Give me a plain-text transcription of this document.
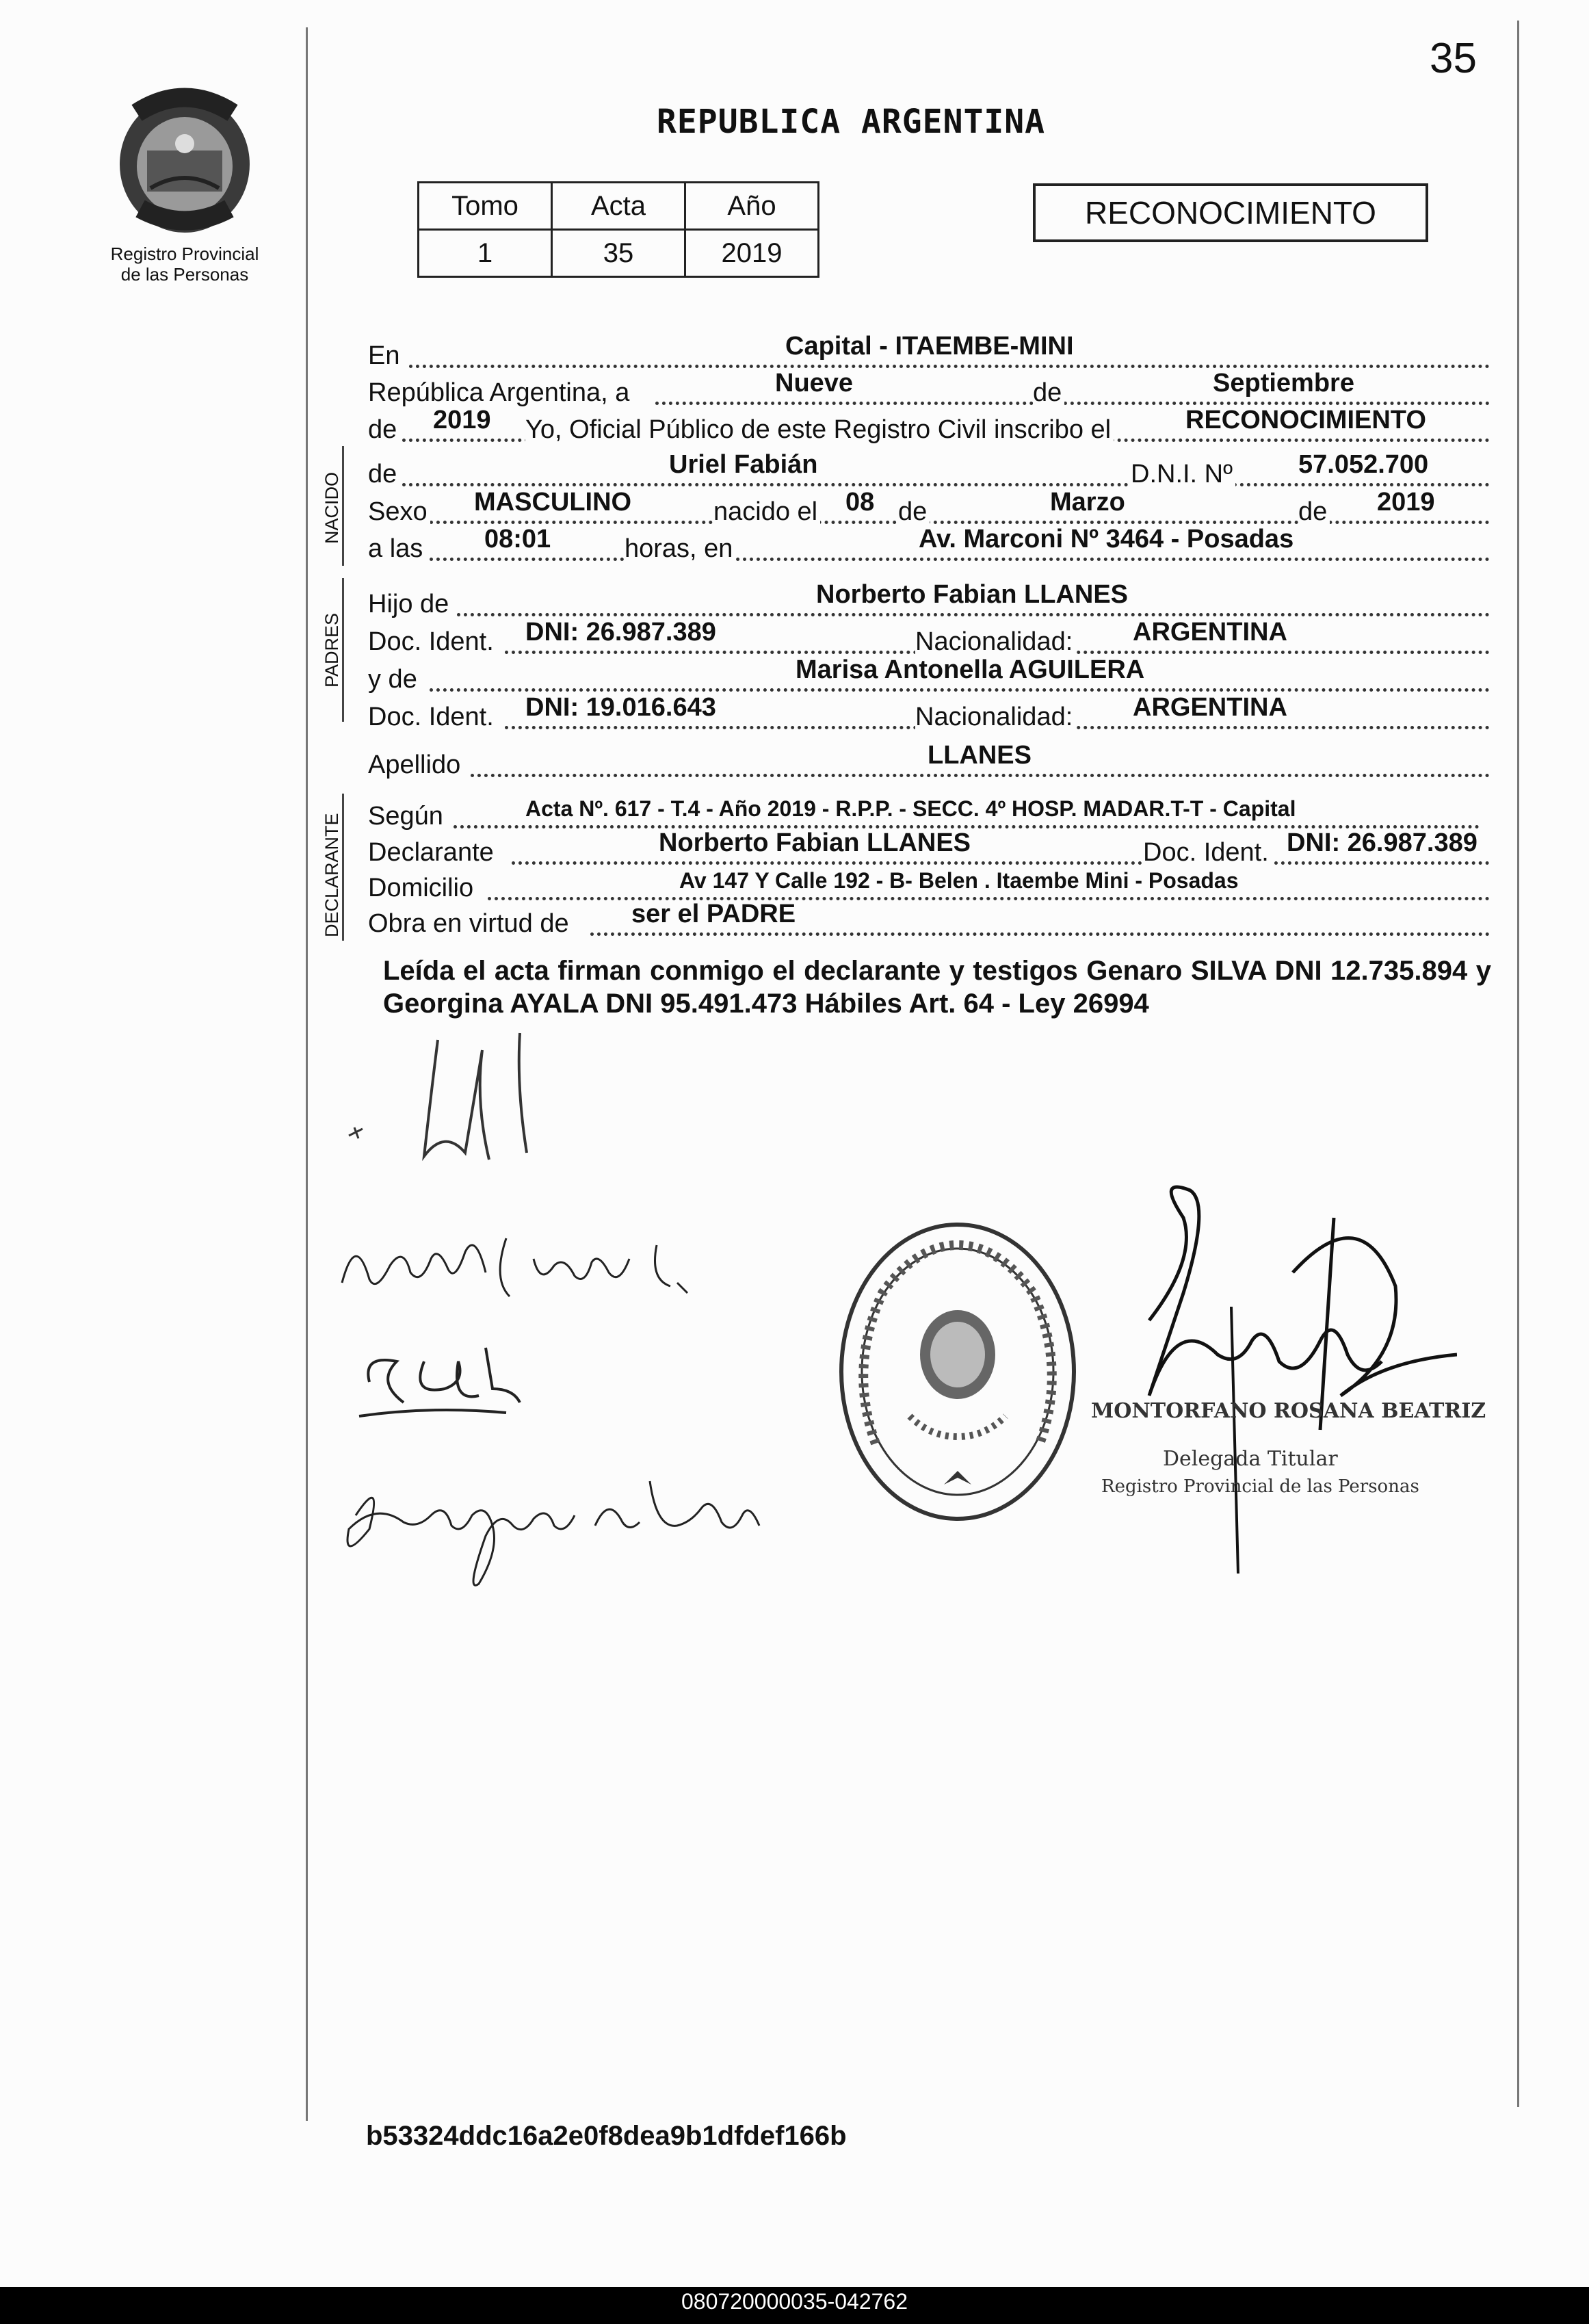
35
Registro Provincial
de las Personas
REPUBLICA ARGENTINA
Tomo	Acta	Año
1	35	2019
RECONOCIMIENTO
En	Capital - ITAEMBE-MINI
República Argentina, a	Nueve	de	Septiembre
de 2019 Yo, Oficial Público de este Registro Civil inscribo el	RECONOCIMIENTO
NACIDO de	Uriel Fabián	D.N.I. Nº	57.052.700
Sexo MASCULINO	nacido el 08 de	Marzo	de 2019
a las 08:01	horas, en	Av. Marconi Nº 3464 - Posadas
PADRES
Hijo de	Norberto Fabian LLANES
Doc. Ident. DNI: 26.987.389	Nacionalidad: ARGENTINA
y de	Marisa Antonella AGUILERA
Doc. Ident. DNI: 19.016.643	Nacionalidad: ARGENTINA
Apellido	LLANES
DECLARANTE Según	Acta Nº. 617 - T.4 - Año 2019 - R.P.P. - SECC. 4º HOSP. MADAR.T-T - Capital
Declarante	Norberto Fabian LLANES	Doc. Ident. DNI: 26.987.389
Domicilio	Av 147 Y Calle 192 - B- Belen . Itaembe Mini - Posadas
Obra en virtud de ser el PADRE
Leída el acta firman conmigo el declarante y testigos Genaro SILVA DNI 12.735.894 y Georgina AYALA DNI 95.491.473 Hábiles Art. 64 - Ley 26994
MONTORFANO ROSANA BEATRIZ
Delegada Titular
Registro Provincial de las Personas
b53324ddc16a2e0f8dea9b1dfdef166b
080720000035-042762
